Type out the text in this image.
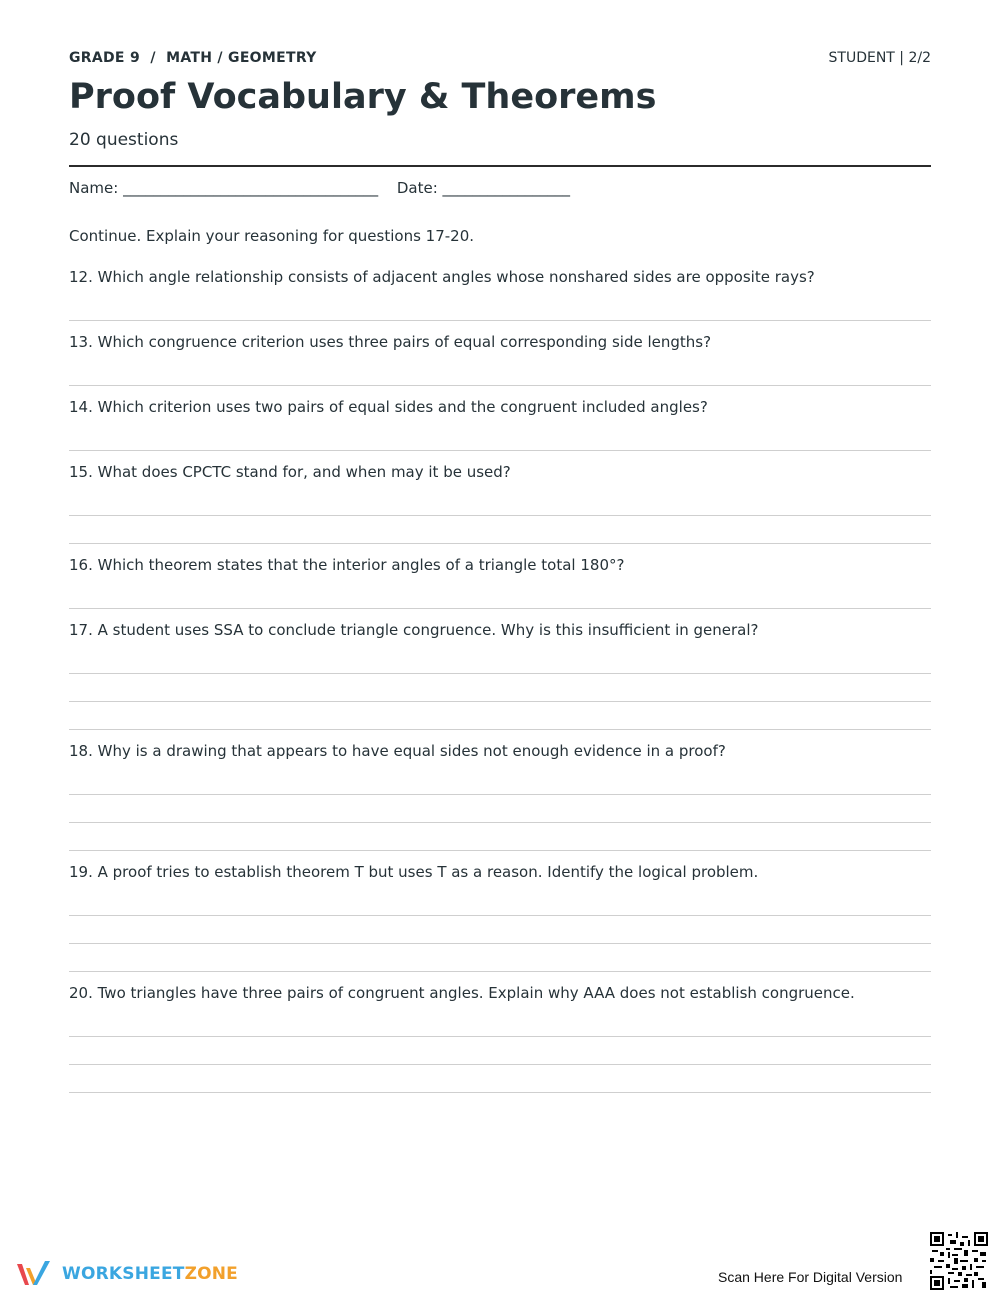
GRADE 9  /  MATH / GEOMETRY	STUDENT | 2/2
Proof Vocabulary & Theorems
20 questions
Name: __________________________________ Date: _________________
Continue. Explain your reasoning for questions 17-20.
12. Which angle relationship consists of adjacent angles whose nonshared sides are opposite rays?
13. Which congruence criterion uses three pairs of equal corresponding side lengths?
14. Which criterion uses two pairs of equal sides and the congruent included angles?
15. What does CPCTC stand for, and when may it be used?
16. Which theorem states that the interior angles of a triangle total 180°?
17. A student uses SSA to conclude triangle congruence. Why is this insufficient in general?
18. Why is a drawing that appears to have equal sides not enough evidence in a proof?
19. A proof tries to establish theorem T but uses T as a reason. Identify the logical problem.
20. Two triangles have three pairs of congruent angles. Explain why AAA does not establish congruence.
WORKSHEETZONE	Scan Here For Digital Version
